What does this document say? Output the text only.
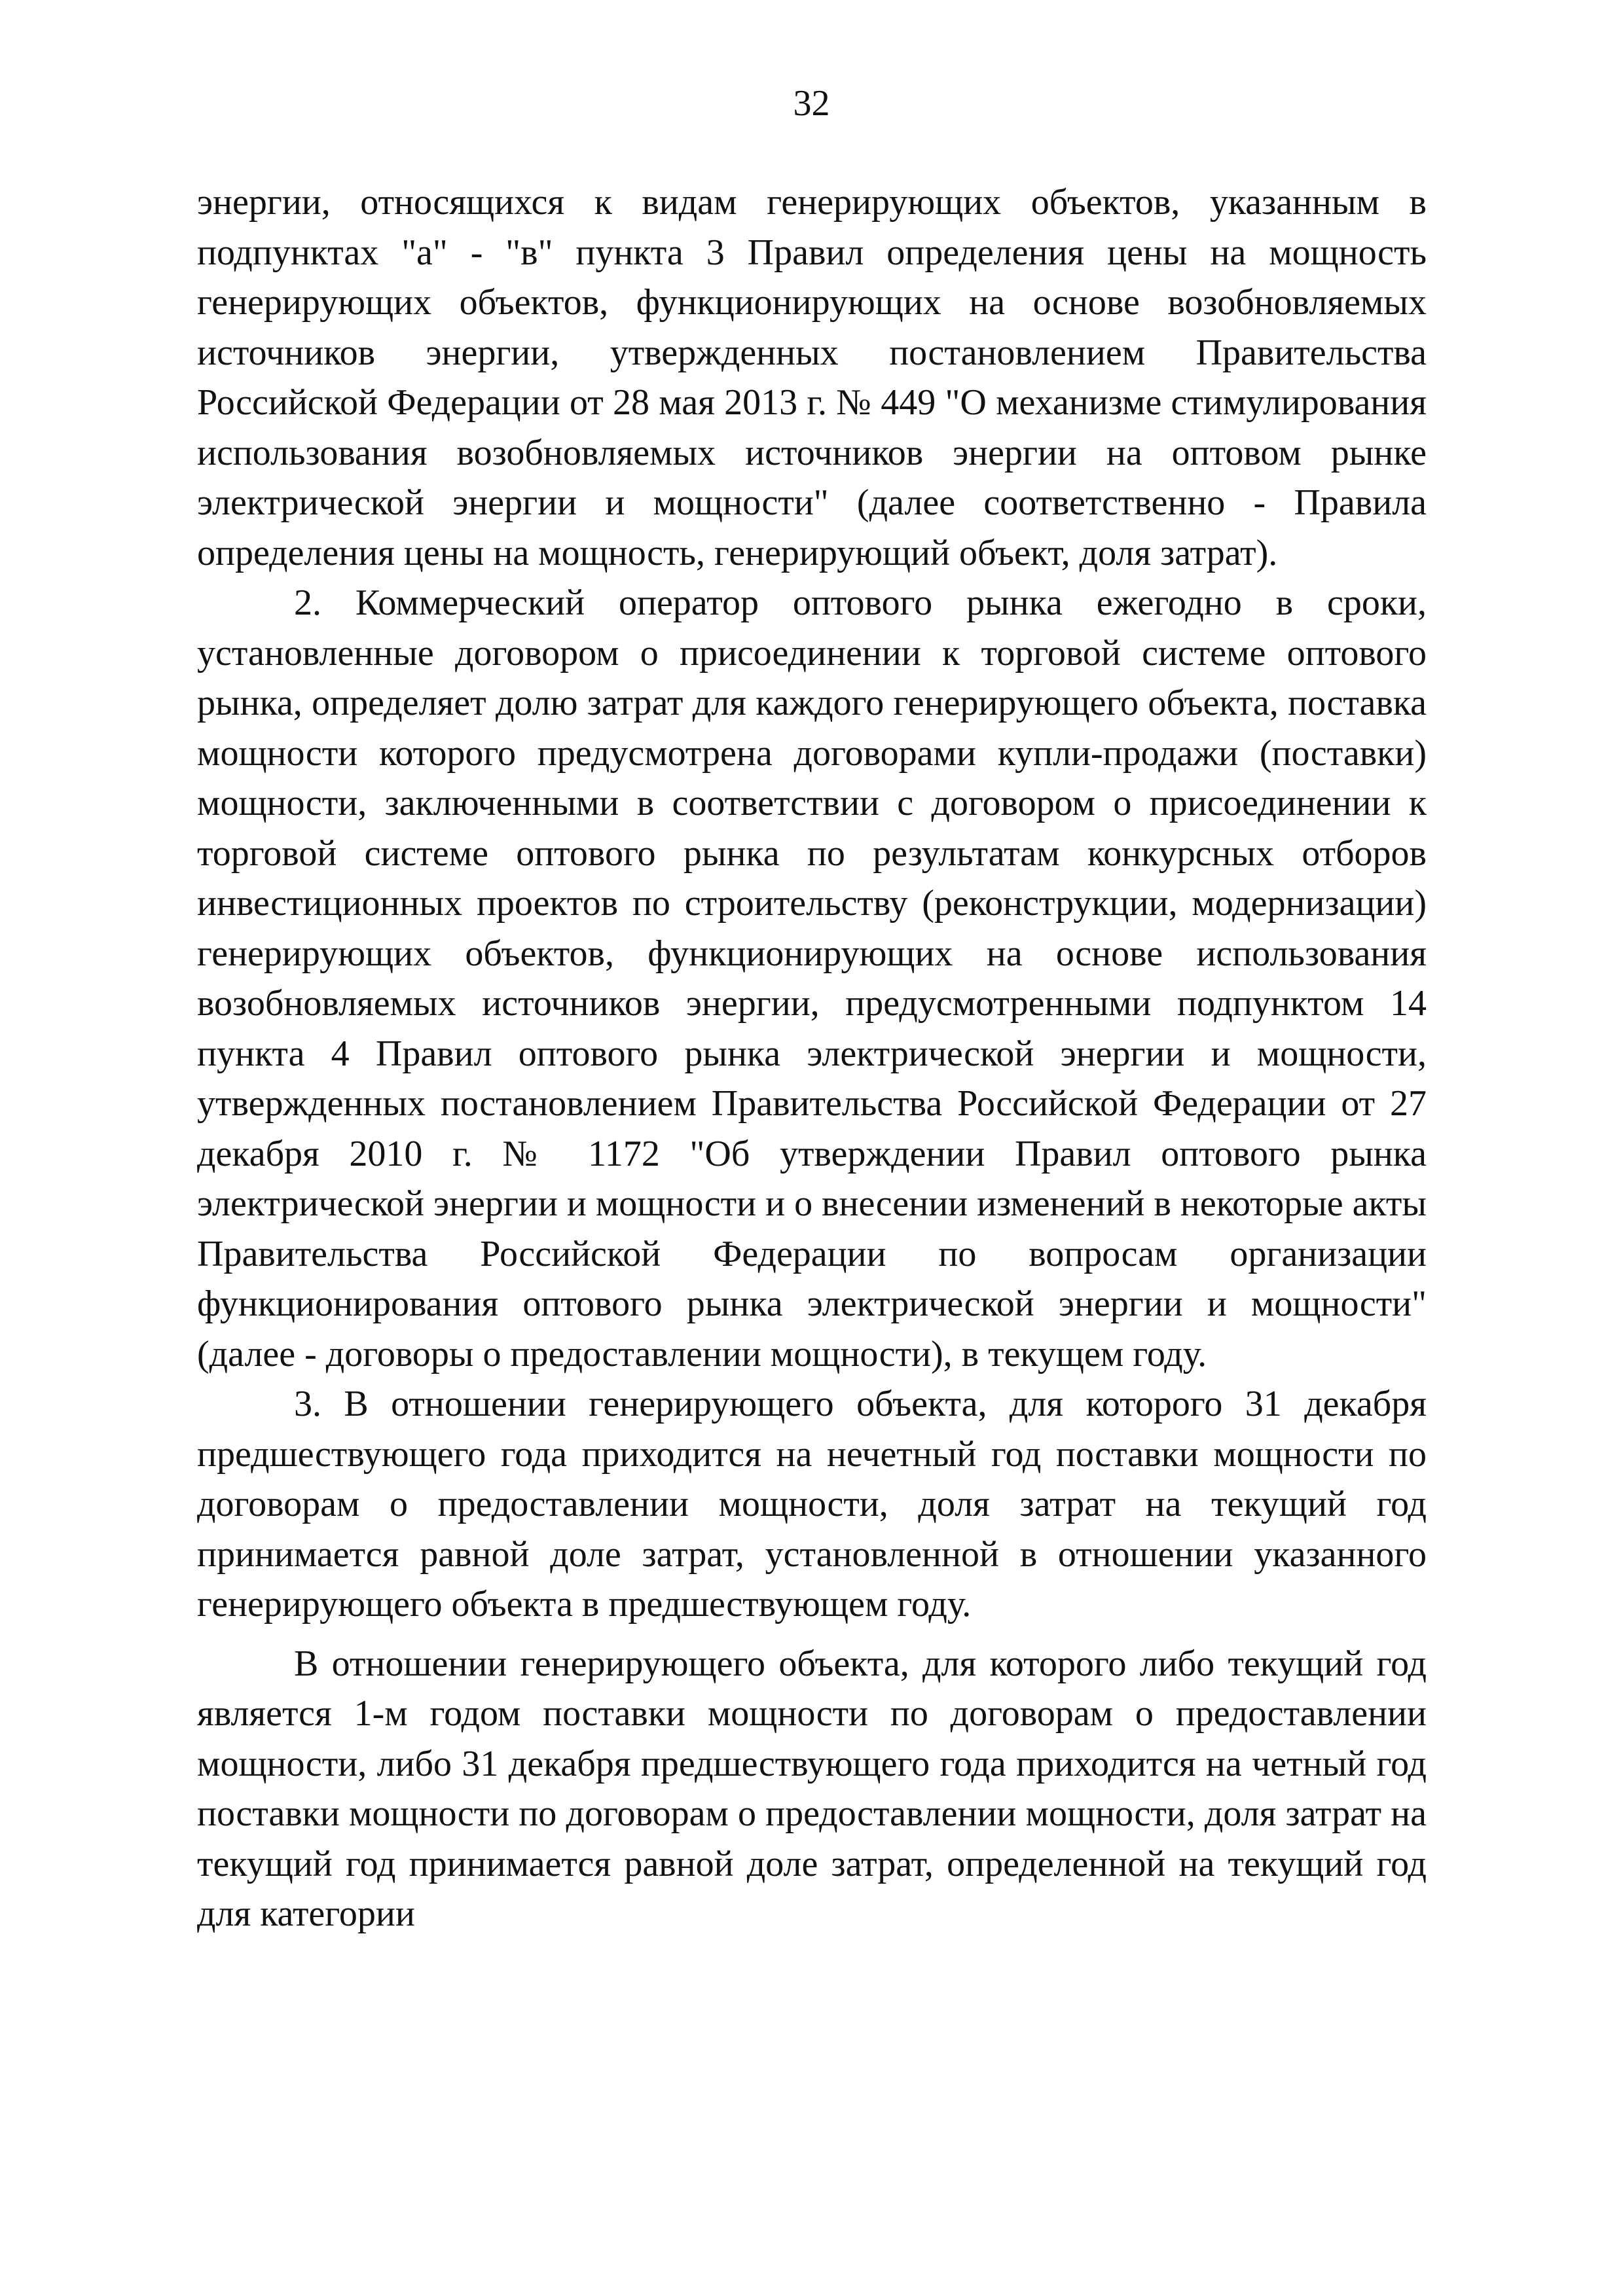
32

энергии, относящихся к видам генерирующих объектов, указанным в подпунктах "а" - "в" пункта 3 Правил определения цены на мощность генерирующих объектов, функционирующих на основе возобновляемых источников энергии, утвержденных постановлением Правительства Российской Федерации от 28 мая 2013 г. № 449 "О механизме стимулирования использования возобновляемых источников энергии на оптовом рынке электрической энергии и мощности" (далее соответственно - Правила определения цены на мощность, генерирующий объект, доля затрат).

2. Коммерческий оператор оптового рынка ежегодно в сроки, установленные договором о присоединении к торговой системе оптового рынка, определяет долю затрат для каждого генерирующего объекта, поставка мощности которого предусмотрена договорами купли-продажи (поставки) мощности, заключенными в соответствии с договором о присоединении к торговой системе оптового рынка по результатам конкурсных отборов инвестиционных проектов по строительству (реконструкции, модернизации) генерирующих объектов, функционирующих на основе использования возобновляемых источников энергии, предусмотренными подпунктом 14 пункта 4 Правил оптового рынка электрической энергии и мощности, утвержденных постановлением Правительства Российской Федерации от 27 декабря 2010 г. № 1172 "Об утверждении Правил оптового рынка электрической энергии и мощности и о внесении изменений в некоторые акты Правительства Российской Федерации по вопросам организации функционирования оптового рынка электрической энергии и мощности" (далее - договоры о предоставлении мощности), в текущем году.

3. В отношении генерирующего объекта, для которого 31 декабря предшествующего года приходится на нечетный год поставки мощности по договорам о предоставлении мощности, доля затрат на текущий год принимается равной доле затрат, установленной в отношении указанного генерирующего объекта в предшествующем году.

В отношении генерирующего объекта, для которого либо текущий год является 1-м годом поставки мощности по договорам о предоставлении мощности, либо 31 декабря предшествующего года приходится на четный год поставки мощности по договорам о предоставлении мощности, доля затрат на текущий год принимается равной доле затрат, определенной на текущий год для категории
